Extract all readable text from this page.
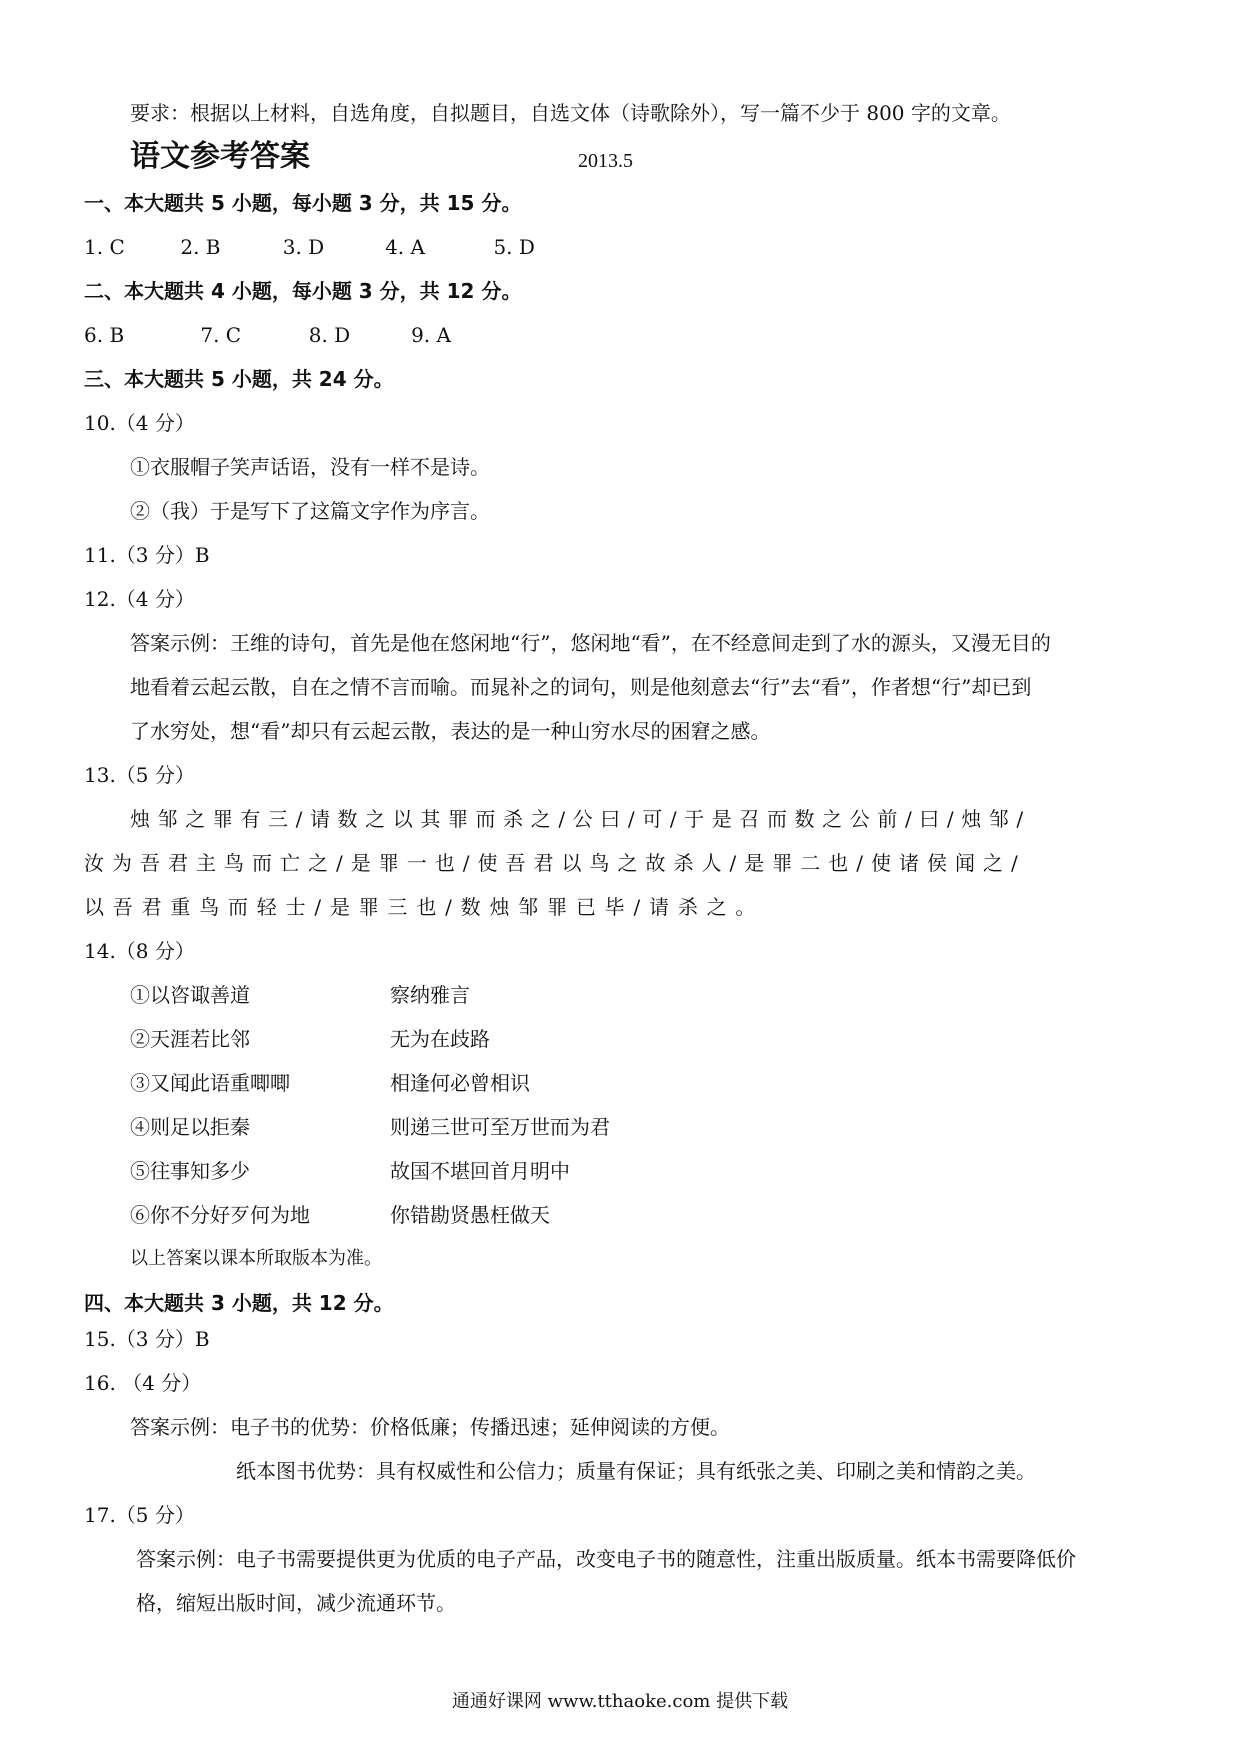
要求：根据以上材料，自选角度，自拟题目，自选文体（诗歌除外），写一篇不少于 800 字的文章。
语文参考答案	2013.5
一、本大题共 5 小题，每小题 3 分，共 15 分。
1. C	2. B	3. D	4. A	5. D
二、本大题共 4 小题，每小题 3 分，共 12 分。
6. B	7. C	8. D	9. A
三、本大题共 5 小题，共 24 分。
10.（4 分）
①衣服帽子笑声话语，没有一样不是诗。
②（我）于是写下了这篇文字作为序言。
11.（3 分）B
12.（4 分）
答案示例：王维的诗句，首先是他在悠闲地“行”，悠闲地“看”，在不经意间走到了水的源头，又漫无目的
地看着云起云散，自在之情不言而喻。而晁补之的词句，则是他刻意去“行”去“看”，作者想“行”却已到
了水穷处，想“看”却只有云起云散，表达的是一种山穷水尽的困窘之感。
13.（5 分）
烛邹之罪有三/请数之以其罪而杀之/公曰/可/于是召而数之公前/曰/烛邹/
汝为吾君主鸟而亡之/是罪一也/使吾君以鸟之故杀人/是罪二也/使诸侯闻之/
以吾君重鸟而轻士/是罪三也/数烛邹罪已毕/请杀之。
14.（8 分）
①以咨诹善道	察纳雅言
②天涯若比邻	无为在歧路
③又闻此语重唧唧	相逢何必曾相识
④则足以拒秦	则递三世可至万世而为君
⑤往事知多少	故国不堪回首月明中
⑥你不分好歹何为地	你错勘贤愚枉做天
以上答案以课本所取版本为准。
四、本大题共 3 小题，共 12 分。
15.（3 分）B
16. （4 分）
答案示例：电子书的优势：价格低廉；传播迅速；延伸阅读的方便。
纸本图书优势：具有权威性和公信力；质量有保证；具有纸张之美、印刷之美和情韵之美。
17.（5 分）
答案示例：电子书需要提供更为优质的电子产品，改变电子书的随意性，注重出版质量。纸本书需要降低价
格，缩短出版时间，减少流通环节。
通通好课网 www.tthaoke.com 提供下载
